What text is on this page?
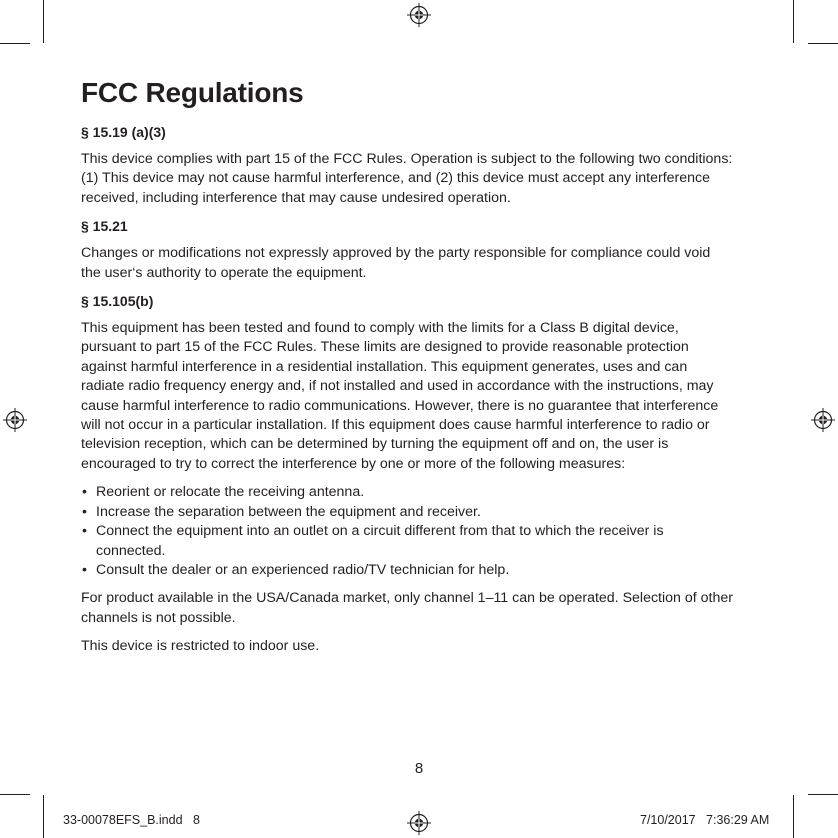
FCC Regulations
§ 15.19 (a)(3)

This device complies with part 15 of the FCC Rules. Operation is subject to the following two conditions: (1) This device may not cause harmful interference, and (2) this device must accept any interference received, including interference that may cause undesired operation.

§ 15.21

Changes or modifications not expressly approved by the party responsible for compliance could void the user‘s authority to operate the equipment.

§ 15.105(b)

This equipment has been tested and found to comply with the limits for a Class B digital device, pursuant to part 15 of the FCC Rules. These limits are designed to provide reasonable protection against harmful interference in a residential installation. This equipment generates, uses and can radiate radio frequency energy and, if not installed and used in accordance with the instructions, may cause harmful interference to radio communications. However, there is no guarantee that interference will not occur in a particular installation. If this equipment does cause harmful interference to radio or television reception, which can be determined by turning the equipment off and on, the user is encouraged to try to correct the interference by one or more of the following measures:

• Reorient or relocate the receiving antenna.
• Increase the separation between the equipment and receiver.
• Connect the equipment into an outlet on a circuit different from that to which the receiver is connected.
• Consult the dealer or an experienced radio/TV technician for help.

For product available in the USA/Canada market, only channel 1–11 can be operated. Selection of other channels is not possible.

This device is restricted to indoor use.

8
33-00078EFS_B.indd   8	7/10/2017   7:36:29 AM
